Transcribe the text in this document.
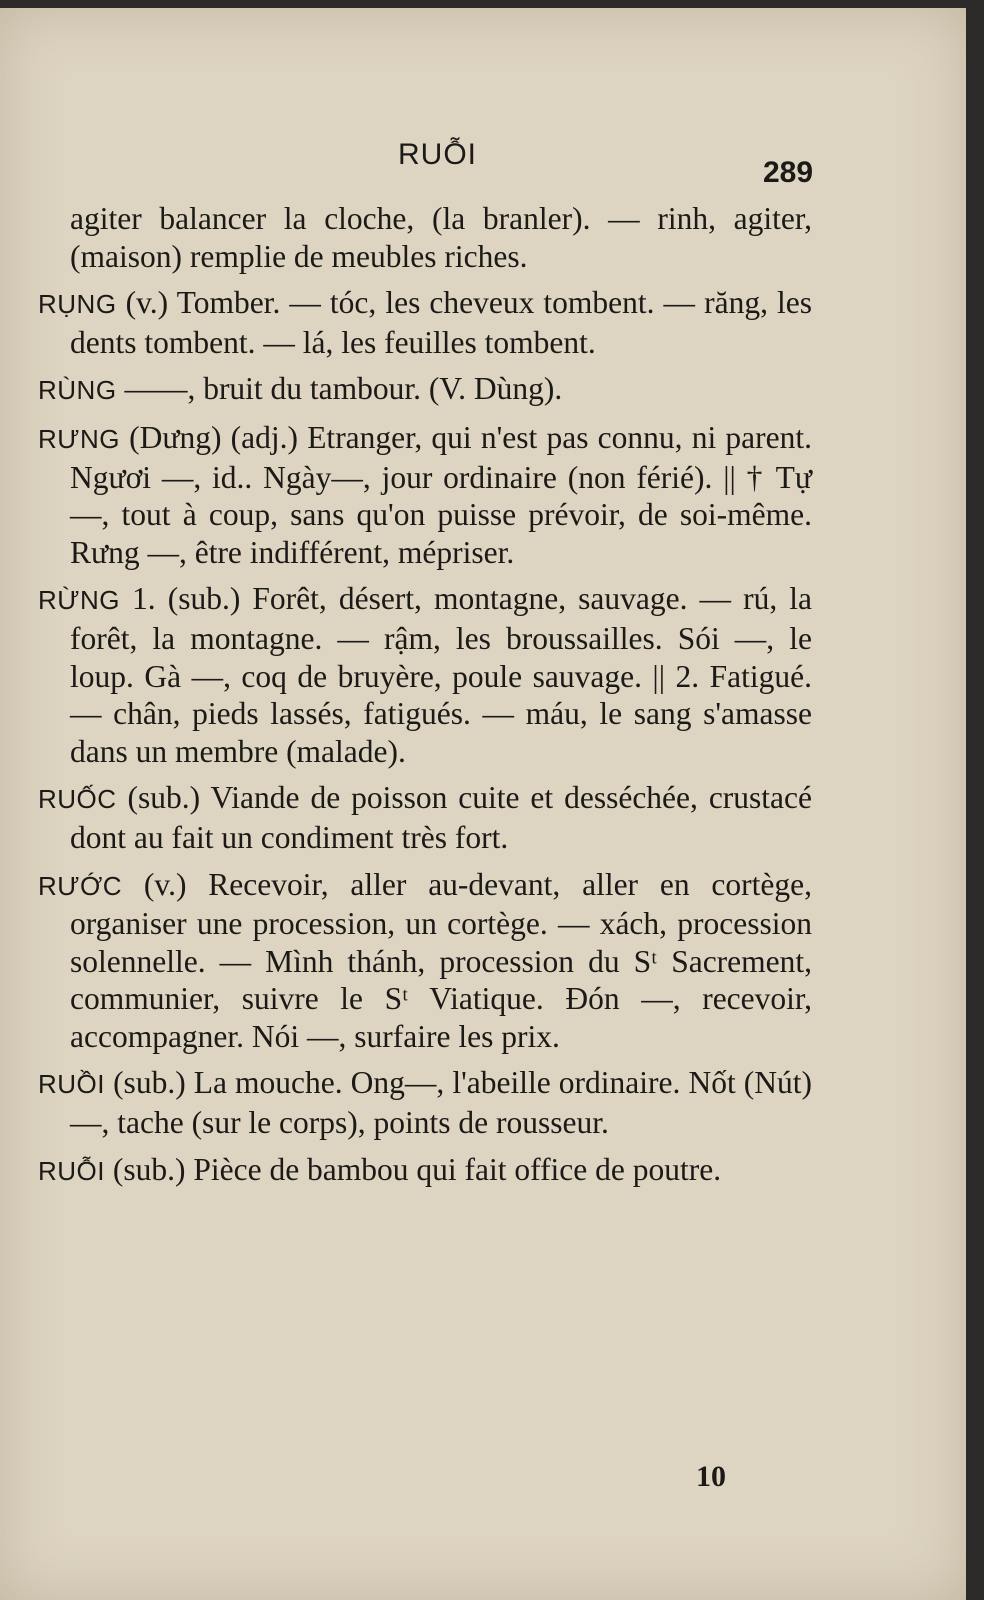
RUỖI
289

agiter balancer la cloche, (la branler). — rinh, agiter, (maison) remplie de meubles riches.

RỤNG (v.) Tomber. — tóc, les cheveux tombent. — răng, les dents tombent. — lá, les feuilles tombent.

RÙNG ——, bruit du tambour. (V. Dùng).

RƯNG (Dưng) (adj.) Etranger, qui n'est pas connu, ni parent. Ngươi —, id.. Ngày—, jour ordinaire (non férié). || † Tự —, tout à coup, sans qu'on puisse prévoir, de soi-même. Rưng —, être indifférent, mépriser.

RỪNG 1. (sub.) Forêt, désert, montagne, sauvage. — rú, la forêt, la montagne. — rậm, les broussailles. Sói —, le loup. Gà —, coq de bruyère, poule sauvage. || 2. Fatigué. — chân, pieds lassés, fatigués. — máu, le sang s'amasse dans un membre (malade).

RUỐC (sub.) Viande de poisson cuite et desséchée, crustacé dont au fait un condiment très fort.

RƯỚC (v.) Recevoir, aller au-devant, aller en cortège, organiser une procession, un cortège. — xách, procession solennelle. — Mình thánh, procession du Sᵗ Sacrement, communier, suivre le Sᵗ Viatique. Đón —, recevoir, accompagner. Nói —, surfaire les prix.

RUỒI (sub.) La mouche. Ong—, l'abeille ordinaire. Nốt (Nút) —, tache (sur le corps), points de rousseur.

RUỖI (sub.) Pièce de bambou qui fait office de poutre.

10
